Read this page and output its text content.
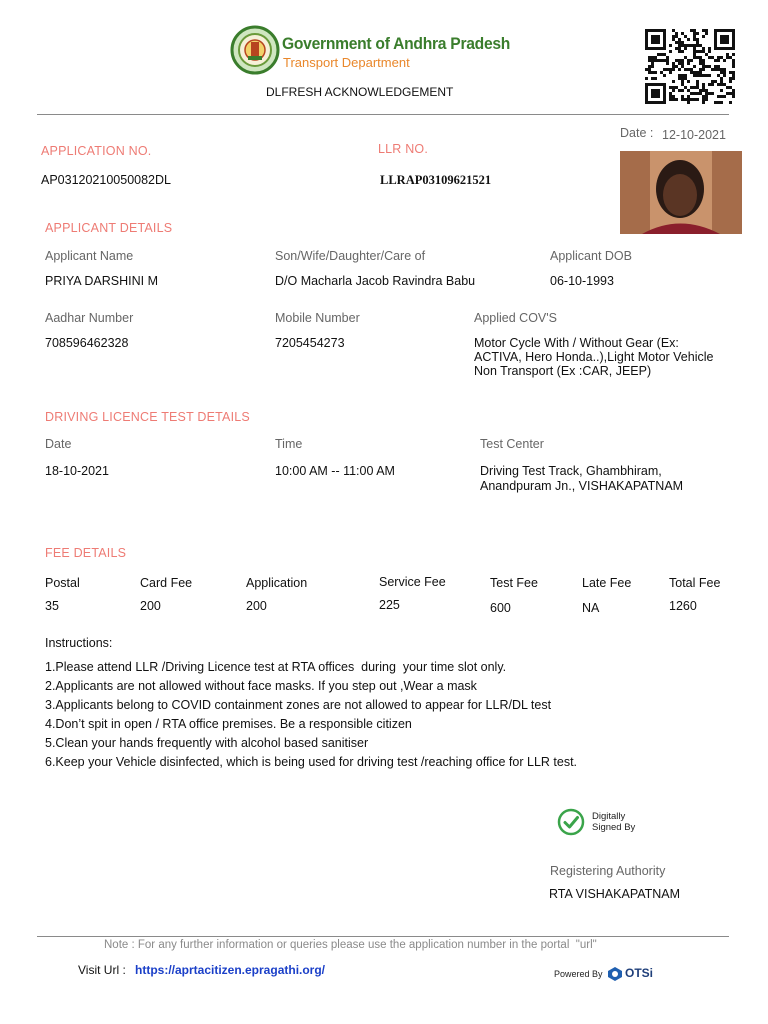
Government of Andhra Pradesh
Transport Department
DLFRESH ACKNOWLEDGEMENT
Date : 12-10-2021
APPLICATION NO.
AP03120210050082DL
LLR NO.
LLRAP03109621521
APPLICANT DETAILS
Applicant Name
PRIYA DARSHINI M
Son/Wife/Daughter/Care of
D/O Macharla Jacob Ravindra Babu
Applicant DOB
06-10-1993
Aadhar Number
708596462328
Mobile Number
7205454273
Applied COV'S
Motor Cycle With / Without Gear (Ex:
ACTIVA, Hero Honda..),Light Motor Vehicle
Non Transport (Ex :CAR, JEEP)
DRIVING LICENCE TEST DETAILS
Date
18-10-2021
Time
10:00 AM -- 11:00 AM
Test Center
Driving Test Track, Ghambhiram,
Anandpuram Jn., VISHAKAPATNAM
FEE DETAILS
Postal	Card Fee	Application	Service Fee	Test Fee	Late Fee	Total Fee
35	200	200	225	600	NA	1260
Instructions:
1.Please attend LLR /Driving Licence test at RTA offices  during  your time slot only.
2.Applicants are not allowed without face masks. If you step out ,Wear a mask
3.Applicants belong to COVID containment zones are not allowed to appear for LLR/DL test
4.Don’t spit in open / RTA office premises. Be a responsible citizen
5.Clean your hands frequently with alcohol based sanitiser
6.Keep your Vehicle disinfected, which is being used for driving test /reaching office for LLR test.
Digitally
Signed By
Registering Authority
RTA VISHAKAPATNAM
Note : For any further information or queries please use the application number in the portal  "url"
Visit Url : https://aprtacitizen.epragathi.org/	Powered By OTSi
